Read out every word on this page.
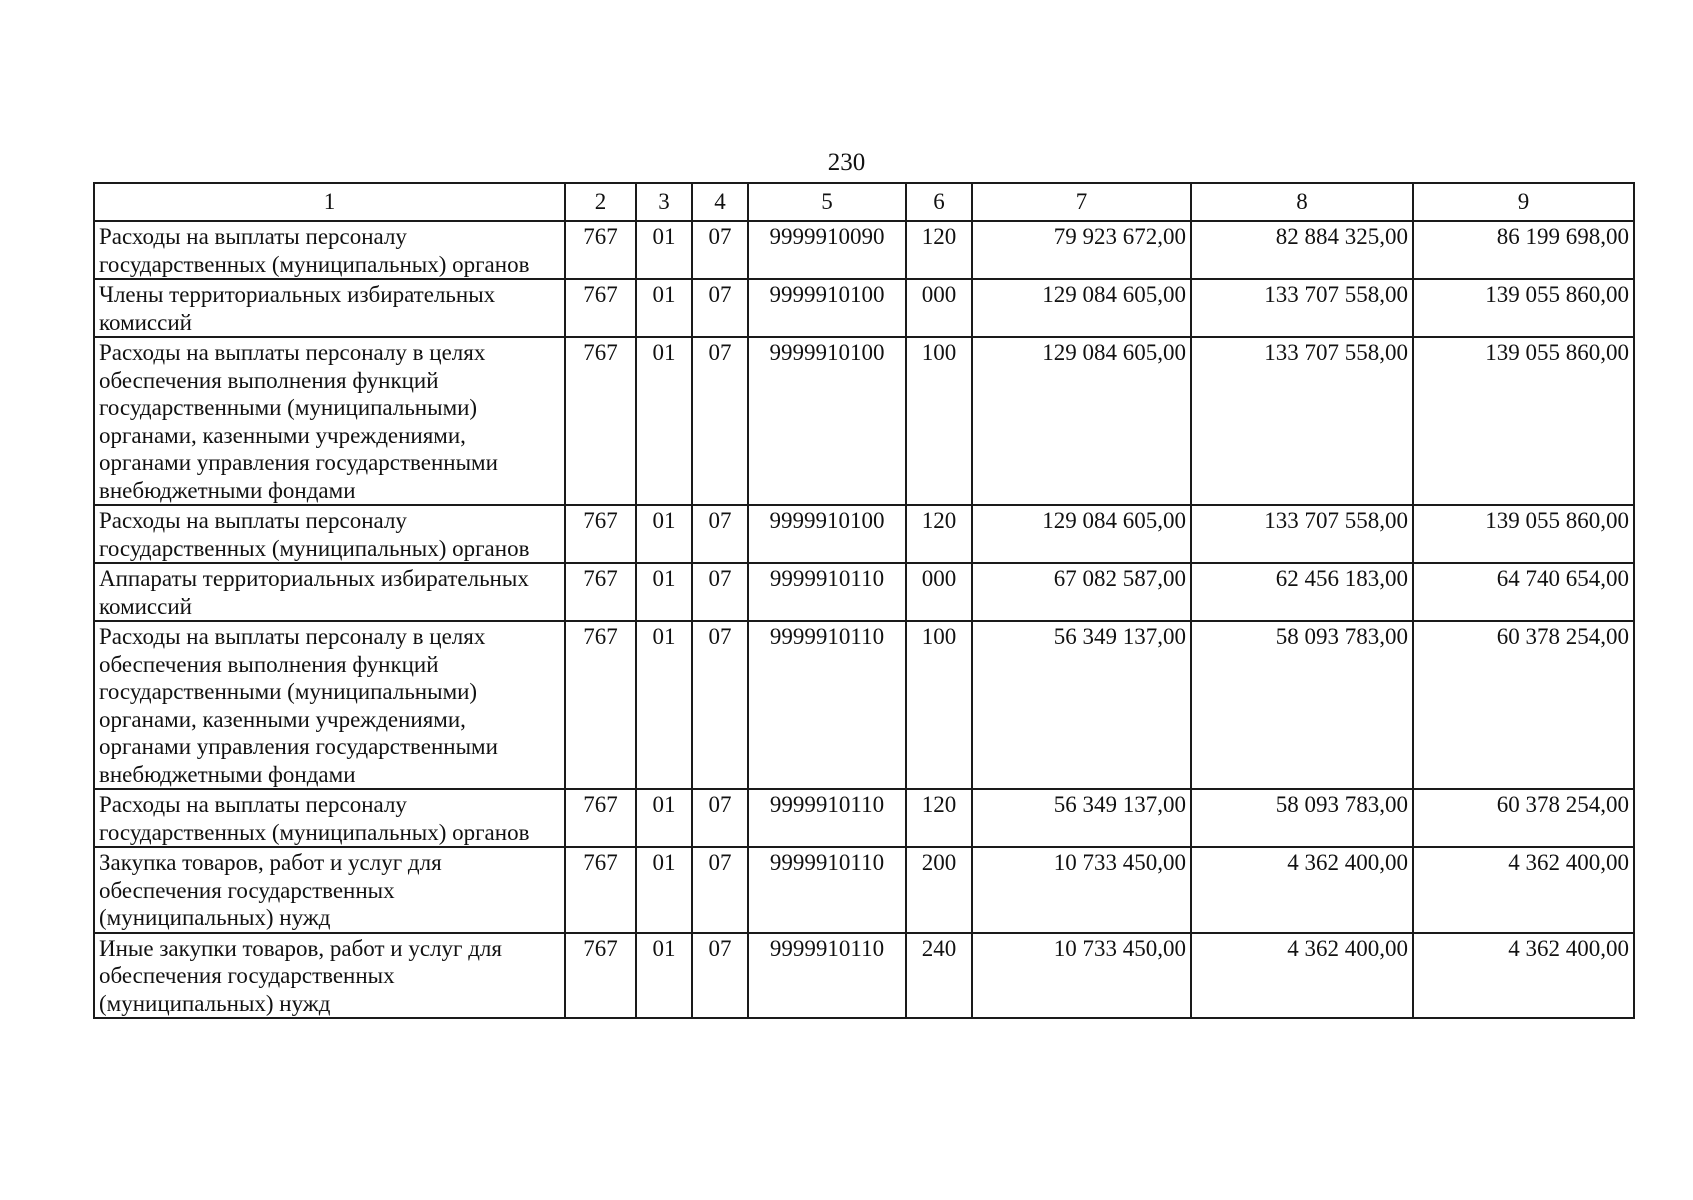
230
1	2	3	4	5	6	7	8	9
Расходы на выплаты персоналу государственных (муниципальных) органов	767	01	07	9999910090	120	79 923 672,00	82 884 325,00	86 199 698,00
Члены территориальных избирательных комиссий	767	01	07	9999910100	000	129 084 605,00	133 707 558,00	139 055 860,00
Расходы на выплаты персоналу в целях обеспечения выполнения функций государственными (муниципальными) органами, казенными учреждениями, органами управления государственными внебюджетными фондами	767	01	07	9999910100	100	129 084 605,00	133 707 558,00	139 055 860,00
Расходы на выплаты персоналу государственных (муниципальных) органов	767	01	07	9999910100	120	129 084 605,00	133 707 558,00	139 055 860,00
Аппараты территориальных избирательных комиссий	767	01	07	9999910110	000	67 082 587,00	62 456 183,00	64 740 654,00
Расходы на выплаты персоналу в целях обеспечения выполнения функций государственными (муниципальными) органами, казенными учреждениями, органами управления государственными внебюджетными фондами	767	01	07	9999910110	100	56 349 137,00	58 093 783,00	60 378 254,00
Расходы на выплаты персоналу государственных (муниципальных) органов	767	01	07	9999910110	120	56 349 137,00	58 093 783,00	60 378 254,00
Закупка товаров, работ и услуг для обеспечения государственных (муниципальных) нужд	767	01	07	9999910110	200	10 733 450,00	4 362 400,00	4 362 400,00
Иные закупки товаров, работ и услуг для обеспечения государственных (муниципальных) нужд	767	01	07	9999910110	240	10 733 450,00	4 362 400,00	4 362 400,00
